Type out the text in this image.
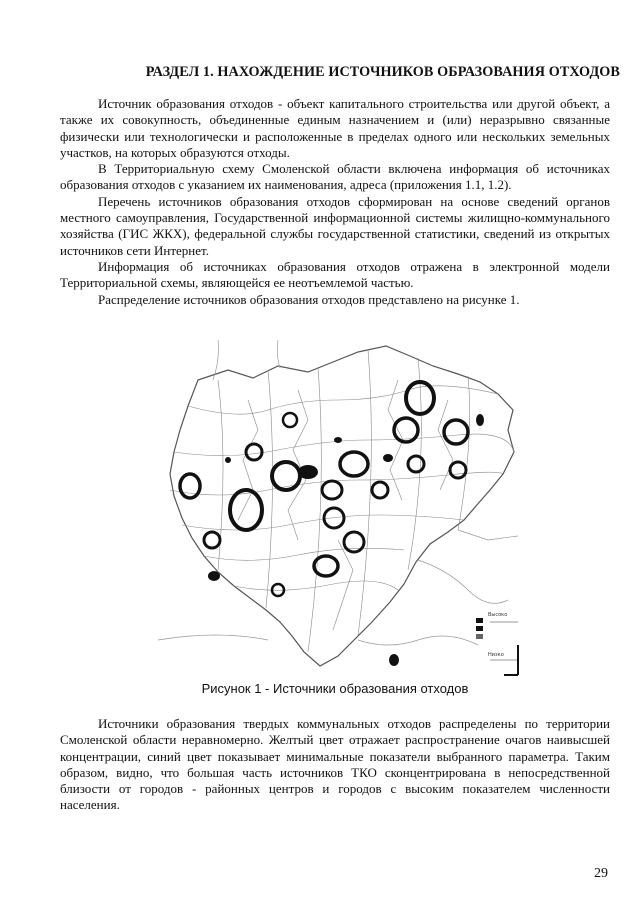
РАЗДЕЛ 1. НАХОЖДЕНИЕ ИСТОЧНИКОВ ОБРАЗОВАНИЯ ОТХОДОВ

Источник образования отходов - объект капитального строительства или другой объект, а также их совокупность, объединенные единым назначением и (или) неразрывно связанные физически или технологически и расположенные в пределах одного или нескольких земельных участков, на которых образуются отходы.

В Территориальную схему Смоленской области включена информация об источниках образования отходов с указанием их наименования, адреса (приложения 1.1, 1.2).

Перечень источников образования отходов сформирован на основе сведений органов местного самоуправления, Государственной информационной системы жилищно-коммунального хозяйства (ГИС ЖКХ), федеральной службы государственной статистики, сведений из открытых источников сети Интернет.

Информация об источниках образования отходов отражена в электронной модели Территориальной схемы, являющейся ее неотъемлемой частью.

Распределение источников образования отходов представлено на рисунке 1.

Высоко
Низко
Рисунок 1 - Источники образования отходов

Источники образования твердых коммунальных отходов распределены по территории Смоленской области неравномерно. Желтый цвет отражает распространение очагов наивысшей концентрации, синий цвет показывает минимальные показатели выбранного параметра. Таким образом, видно, что большая часть источников ТКО сконцентрирована в непосредственной близости от городов - районных центров и городов с высоким показателем численности населения.

29
